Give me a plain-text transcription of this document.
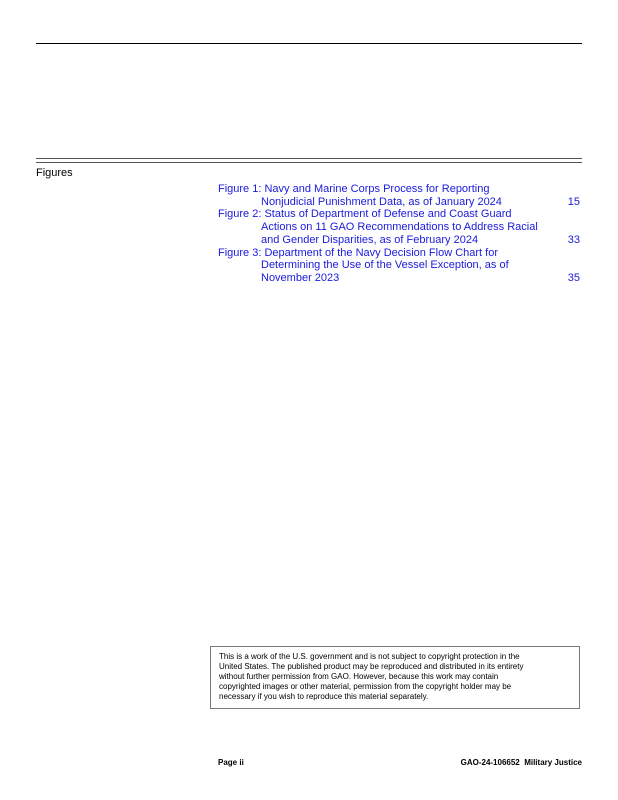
Figures
Figure 1: Navy and Marine Corps Process for Reporting
Nonjudicial Punishment Data, as of January 2024	15
Figure 2: Status of Department of Defense and Coast Guard
Actions on 11 GAO Recommendations to Address Racial
and Gender Disparities, as of February 2024	33
Figure 3: Department of the Navy Decision Flow Chart for
Determining the Use of the Vessel Exception, as of
November 2023	35
This is a work of the U.S. government and is not subject to copyright protection in the
United States. The published product may be reproduced and distributed in its entirety
without further permission from GAO. However, because this work may contain
copyrighted images or other material, permission from the copyright holder may be
necessary if you wish to reproduce this material separately.
Page ii	GAO-24-106652  Military Justice
